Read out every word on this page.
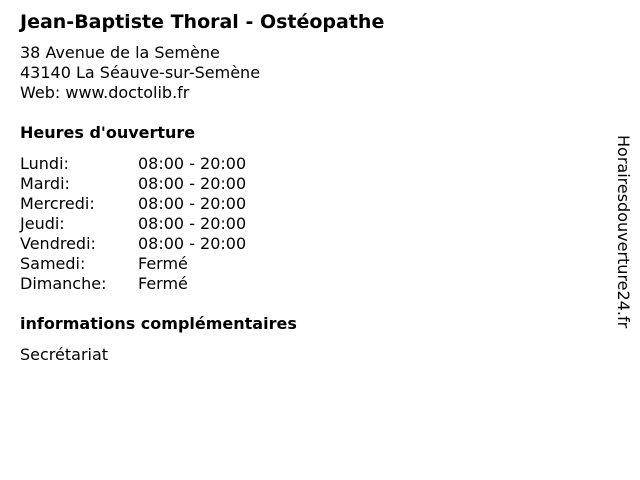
Jean-Baptiste Thoral - Ostéopathe
38 Avenue de la Semène
43140 La Séauve-sur-Semène
Web: www.doctolib.fr
Heures d'ouverture
Lundi:	08:00 - 20:00
Mardi:	08:00 - 20:00
Mercredi:	08:00 - 20:00
Jeudi:	08:00 - 20:00
Vendredi:	08:00 - 20:00
Samedi:	Fermé
Dimanche: Fermé
informations complémentaires
Secrétariat
Horairesdouverture24.fr
